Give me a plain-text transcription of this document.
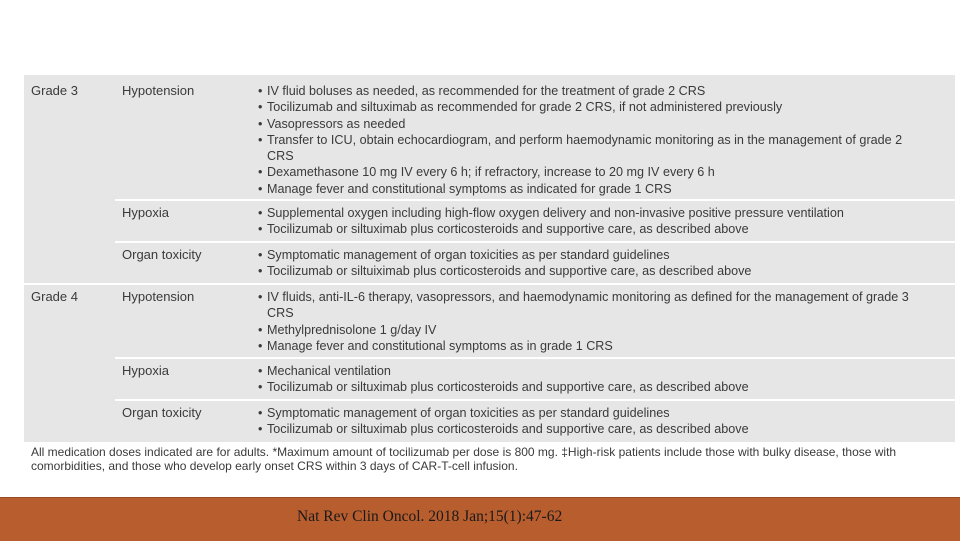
Grade 3	Hypotension	• IV fluid boluses as needed, as recommended for the treatment of grade 2 CRS
• Tocilizumab and siltuximab as recommended for grade 2 CRS, if not administered previously
• Vasopressors as needed
• Transfer to ICU, obtain echocardiogram, and perform haemodynamic monitoring as in the management of grade 2 CRS
• Dexamethasone 10 mg IV every 6 h; if refractory, increase to 20 mg IV every 6 h
• Manage fever and constitutional symptoms as indicated for grade 1 CRS
Hypoxia	• Supplemental oxygen including high-flow oxygen delivery and non-invasive positive pressure ventilation
• Tocilizumab or siltuximab plus corticosteroids and supportive care, as described above
Organ toxicity	• Symptomatic management of organ toxicities as per standard guidelines
• Tocilizumab or siltuiximab plus corticosteroids and supportive care, as described above
Grade 4	Hypotension	• IV fluids, anti-IL-6 therapy, vasopressors, and haemodynamic monitoring as defined for the management of grade 3 CRS
• Methylprednisolone 1 g/day IV
• Manage fever and constitutional symptoms as in grade 1 CRS
Hypoxia	• Mechanical ventilation
• Tocilizumab or siltuximab plus corticosteroids and supportive care, as described above
Organ toxicity	• Symptomatic management of organ toxicities as per standard guidelines
• Tocilizumab or siltuximab plus corticosteroids and supportive care, as described above
All medication doses indicated are for adults. *Maximum amount of tocilizumab per dose is 800 mg. ‡High-risk patients include those with bulky disease, those with comorbidities, and those who develop early onset CRS within 3 days of CAR-T-cell infusion.
Nat Rev Clin Oncol. 2018 Jan;15(1):47-62
